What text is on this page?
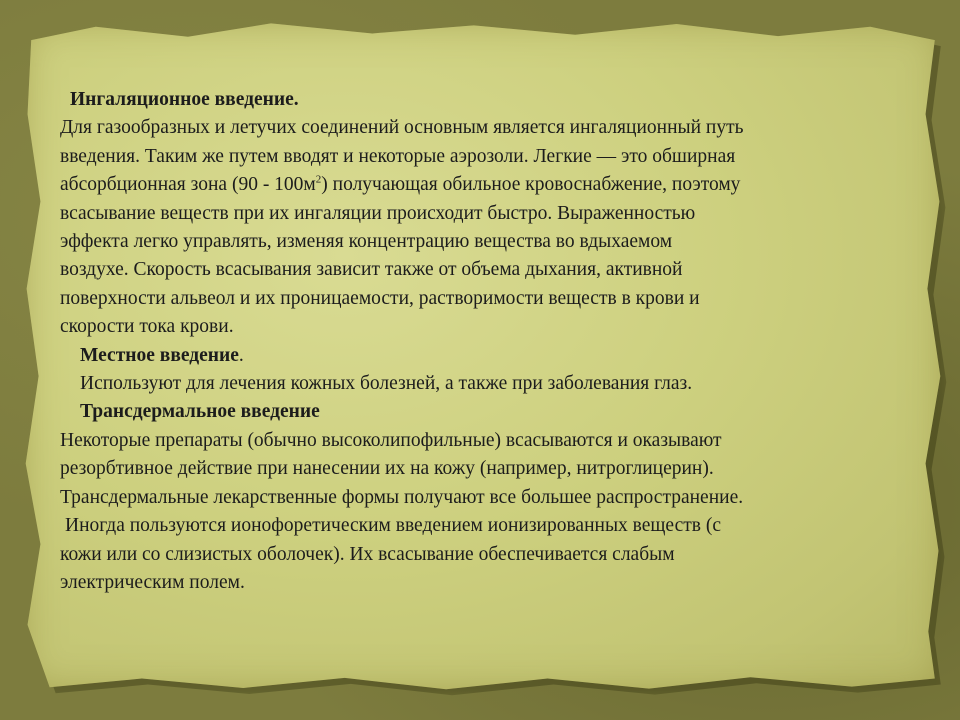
Ингаляционное введение.

Для газообразных и летучих соединений основным является ингаляционный путь

введения. Таким же путем вводят и некоторые аэрозоли. Легкие — это обширная

абсорбционная зона $(90 - 100м^2)$ получающая обильное кровоснабжение, поэтому

всасывание веществ при их ингаляции происходит быстро. Выраженностью

эффекта легко управлять, изменяя концентрацию вещества во вдыхаемом

воздухе. Скорость всасывания зависит также от объема дыхания, активной

поверхности альвеол и их проницаемости, растворимости веществ в крови и

скорости тока крови.

Местное введение.

Используют для лечения кожных болезней, а также при заболевания глаз.

Трансдермальное введение

Некоторые препараты (обычно высоколипофильные) всасываются и оказывают

резорбтивное действие при нанесении их на кожу (например, нитроглицерин).

Трансдермальные лекарственные формы получают все большее распространение.

Иногда пользуются ионофоретическим введением ионизированных веществ (с

кожи или со слизистых оболочек). Их всасывание обеспечивается слабым

электрическим полем.
